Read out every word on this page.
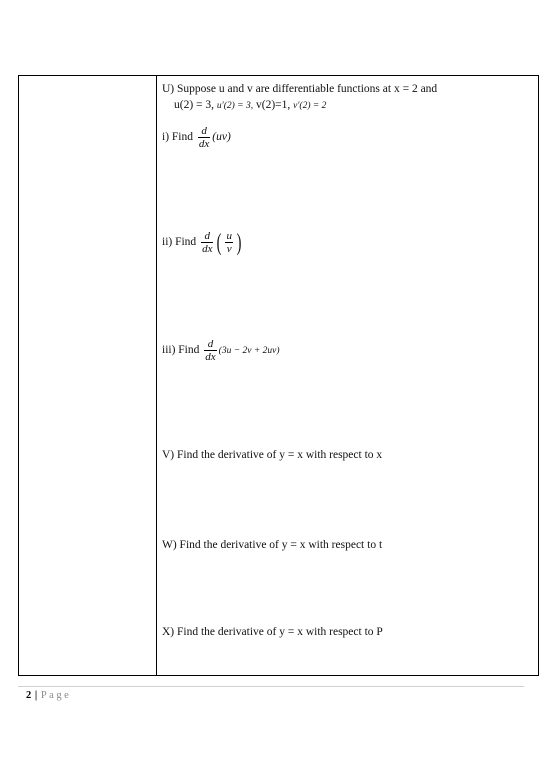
U) Suppose u and v are differentiable functions at x = 2 and
u(2) = 3, u′(2) = 3, v(2)=1, v′(2) = 2
i) Find $\frac{d}{dx} (uv)$
ii) Find $\frac{d}{dx}$ ( $\frac{u}{v}$ )
iii) Find $\frac{d}{dx} (3u - 2v + 2uv)$
V) Find the derivative of y = x with respect to x
W) Find the derivative of y = x with respect to t
X) Find the derivative of y = x with respect to P
2 | Page
